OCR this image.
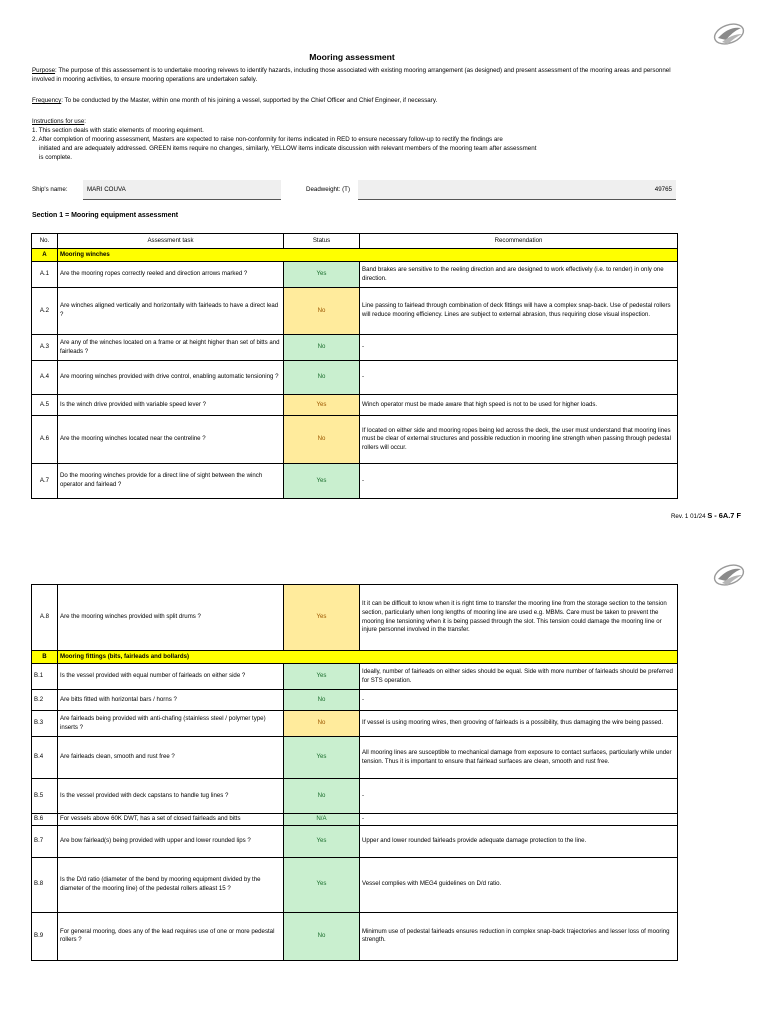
Mooring assessment
Purpose: The purpose of this assessement is to undertake mooring reivews to identify hazards, including those associated with existing mooring arrangement (as designed) and present assessment of the mooring areas and personnel involved in mooring activities, to ensure mooring operations are undertaken safely.
Frequency: To be conducted by the Master, within one month of his joining a vessel, supported by the Chief Officer and Chief Engineer, if necessary.
Instructions for use:
1. This section deals with static elements of mooring equiment.
2. After completion of mooring assessment, Masters are expected to raise non-conformity for items indicated in RED to ensure necessary follow-up to rectify the findings are
initiated and are adequately addressed. GREEN items require no changes, similarly, YELLOW items indicate discussion with relevant members of the mooring team after assessment
is complete.
Ship's name:	MARI COUVA	Deadweight: (T)	49765
Section 1 = Mooring equipment assessment
No.	Assessment task	Status	Recommendation
A	Mooring winches		
A.1	Are the mooring ropes correctly reeled and direction arrows marked ?	Yes	Band brakes are sensitive to the reeling direction and are designed to work effectively (i.e. to render) in only one direction.
A.2	Are winches aligned vertically and horizontally with fairleads to have a direct lead ?	No	Line passing to fairlead through combination of deck fittings will have a complex snap-back. Use of pedestal rollers will reduce mooring efficiency. Lines are subject to external abrasion, thus requiring close visual inspection.
A.3	Are any of the winches located on a frame or at height higher than set of bitts and fairleads ?	No	-
A.4	Are mooring winches provided with drive control, enabling automatic tensioning ?	No	-
A.5	Is the winch drive provided with variable speed lever ?	Yes	Winch operator must be made aware that high speed is not to be used for higher loads.
A.6	Are the mooring winches located near the centreline ?	No	If located on either side and mooring ropes being led across the deck, the user must understand that mooring lines must be clear of external structures and possible reduction in mooring line strength when passing through pedestal rollers will occur.
A.7	Do the mooring winches provide for a direct line of sight between the winch operator and fairlead ?	Yes	-
Rev. 1 01/24 S - 6A.7 F
A.8	Are the mooring winches provided with split drums ?	Yes	It it can be difficult to know when it is right time to transfer the mooring line from the storage section to the tension section, particularly when long lengths of mooring line are used e.g. MBMs. Care must be taken to prevent the mooring line tensioning when it is being passed through the slot. This tension could damage the mooring line or injure personnel involved in the transfer.
B	Mooring fittings (bits, fairleads and bollards)		
B.1	Is the vessel provided with equal number of fairleads on either side ?	Yes	Ideally, number of fairleads on either sides should be equal. Side with more number of fairleads should be preferred for STS operation.
B.2	Are bitts fitted with horizontal bars / horns ?	No	-
B.3	Are fairleads being provided with anti-chafing (stainless steel / polymer type) inserts ?	No	If vessel is using mooring wires, then grooving of fairleads is a possibility, thus damaging the wire being passed.
B.4	Are fairleads clean, smooth and rust free ?	Yes	All mooring lines are susceptible to mechanical damage from exposure to contact surfaces, particularly while under tension. Thus it is important to ensure that fairlead surfaces are clean, smooth and rust free.
B.5	Is the vessel provided with deck capstans to handle tug lines ?	No	-
B.6	For vessels above 60K DWT, has a set of closed fairleads and bitts	N/A	-
B.7	Are bow fairlead(s) being provided with upper and lower rounded lips ?	Yes	Upper and lower rounded fairleads provide adequate damage protection to the line.
B.8	Is the D/d ratio (diameter of the bend by mooring equipment divided by the diameter of the mooring line) of the pedestal rollers atleast 15 ?	Yes	Vessel complies with MEG4 guidelines on D/d ratio.
B.9	For general mooring, does any of the lead requires use of one or more pedestal rollers ?	No	Minimum use of pedestal fairleads ensures reduction in complex snap-back trajectories and lesser loss of mooring strength.
